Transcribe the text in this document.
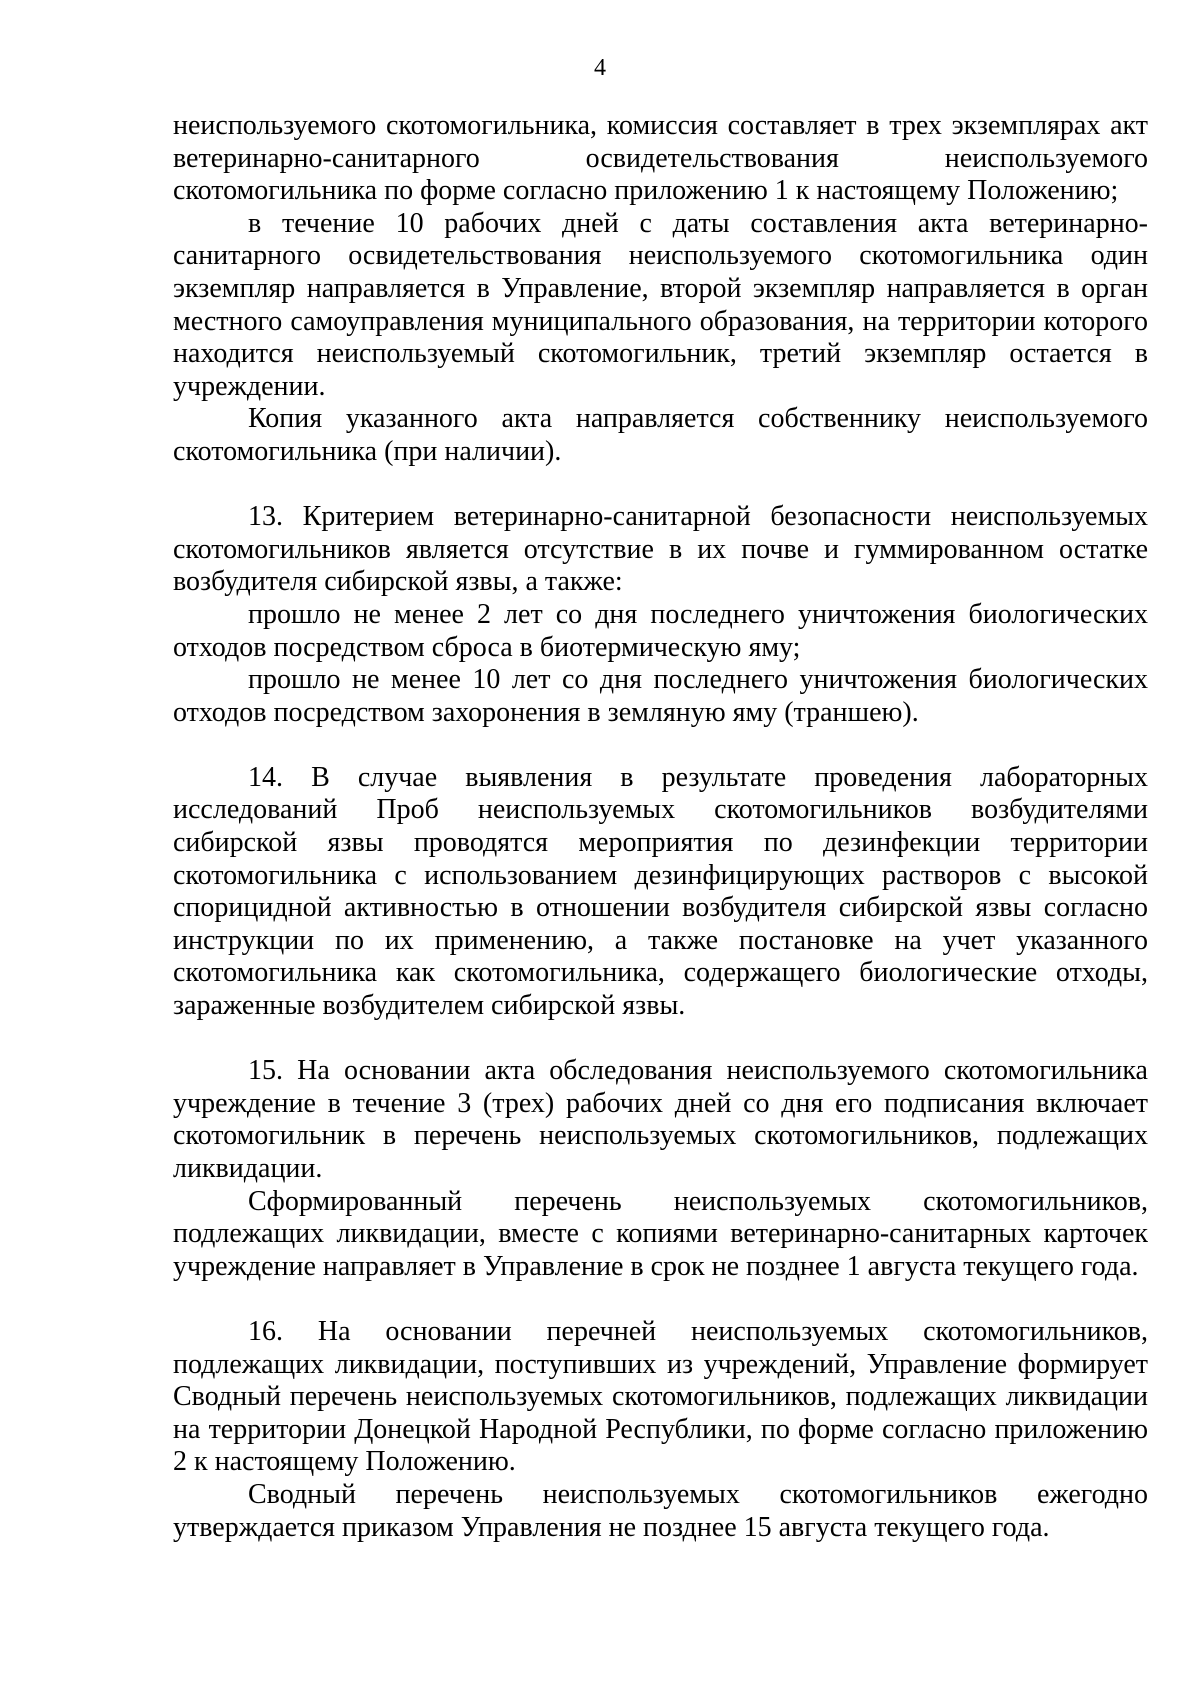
4

неиспользуемого скотомогильника, комиссия составляет в трех экземплярах акт ветеринарно-санитарного освидетельствования неиспользуемого скотомогильника по форме согласно приложению 1 к настоящему Положению;

в течение 10 рабочих дней с даты составления акта ветеринарно-санитарного освидетельствования неиспользуемого скотомогильника один экземпляр направляется в Управление, второй экземпляр направляется в орган местного самоуправления муниципального образования, на территории которого находится неиспользуемый скотомогильник, третий экземпляр остается в учреждении.

Копия указанного акта направляется собственнику неиспользуемого скотомогильника (при наличии).

13. Критерием ветеринарно-санитарной безопасности неиспользуемых скотомогильников является отсутствие в их почве и гуммированном остатке возбудителя сибирской язвы, а также:

прошло не менее 2 лет со дня последнего уничтожения биологических отходов посредством сброса в биотермическую яму;

прошло не менее 10 лет со дня последнего уничтожения биологических отходов посредством захоронения в земляную яму (траншею).

14. В случае выявления в результате проведения лабораторных исследований Проб неиспользуемых скотомогильников возбудителями сибирской язвы проводятся мероприятия по дезинфекции территории скотомогильника с использованием дезинфицирующих растворов с высокой спорицидной активностью в отношении возбудителя сибирской язвы согласно инструкции по их применению, а также постановке на учет указанного скотомогильника как скотомогильника, содержащего биологические отходы, зараженные возбудителем сибирской язвы.

15. На основании акта обследования неиспользуемого скотомогильника учреждение в течение 3 (трех) рабочих дней со дня его подписания включает скотомогильник в перечень неиспользуемых скотомогильников, подлежащих ликвидации.

Сформированный перечень неиспользуемых скотомогильников, подлежащих ликвидации, вместе с копиями ветеринарно-санитарных карточек учреждение направляет в Управление в срок не позднее 1 августа текущего года.

16. На основании перечней неиспользуемых скотомогильников, подлежащих ликвидации, поступивших из учреждений, Управление формирует Сводный перечень неиспользуемых скотомогильников, подлежащих ликвидации на территории Донецкой Народной Республики, по форме согласно приложению 2 к настоящему Положению.

Сводный перечень неиспользуемых скотомогильников ежегодно утверждается приказом Управления не позднее 15 августа текущего года.
